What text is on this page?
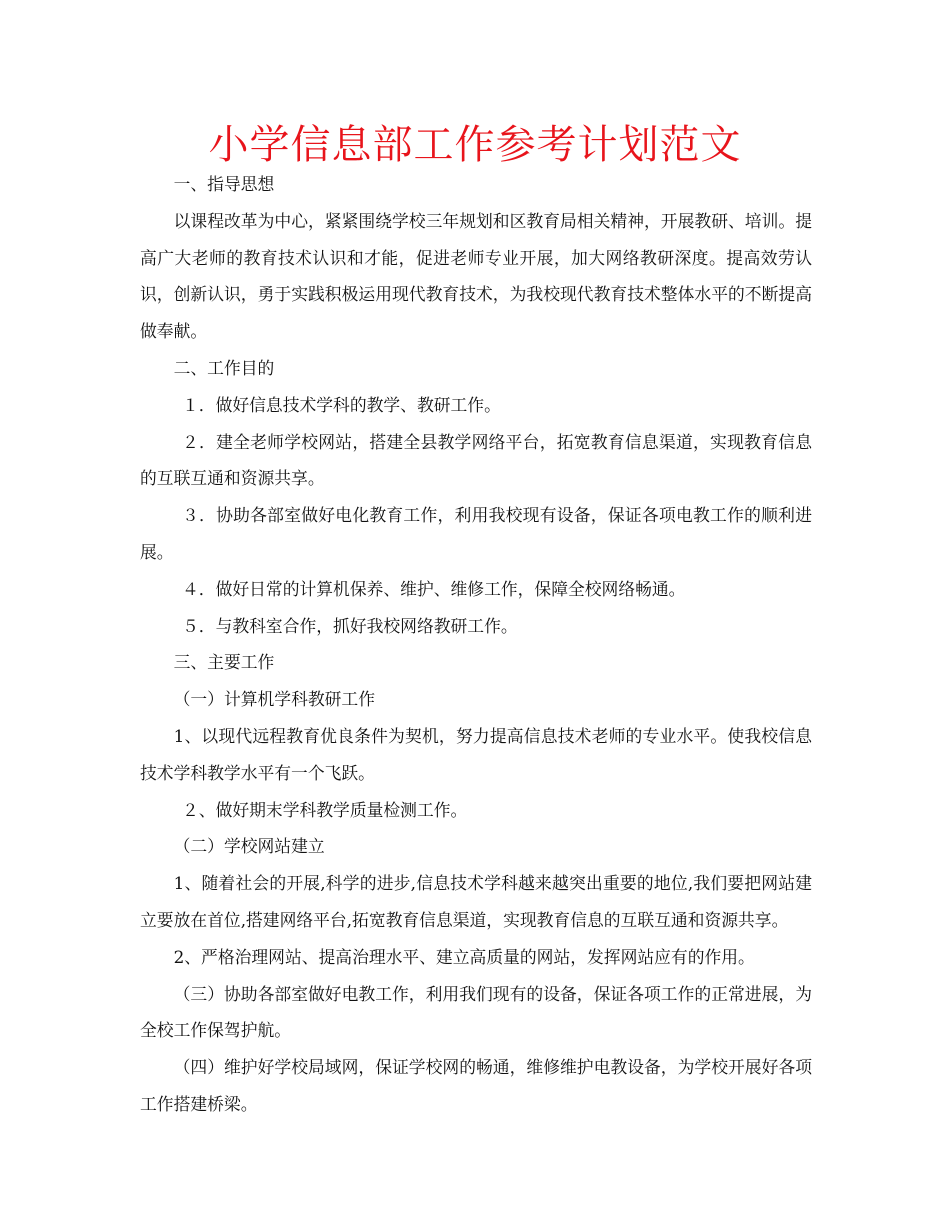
小学信息部工作参考计划范文

一、指导思想

以课程改革为中心，紧紧围绕学校三年规划和区教育局相关精神，开展教研、培训。提高广大老师的教育技术认识和才能，促进老师专业开展，加大网络教研深度。提高效劳认识，创新认识，勇于实践积极运用现代教育技术，为我校现代教育技术整体水平的不断提高做奉献。

二、工作目的

１．做好信息技术学科的教学、教研工作。

２．建全老师学校网站，搭建全县教学网络平台，拓宽教育信息渠道，实现教育信息的互联互通和资源共享。

３．协助各部室做好电化教育工作，利用我校现有设备，保证各项电教工作的顺利进展。

４．做好日常的计算机保养、维护、维修工作，保障全校网络畅通。

５．与教科室合作，抓好我校网络教研工作。

三、主要工作

（一）计算机学科教研工作

1、以现代远程教育优良条件为契机，努力提高信息技术老师的专业水平。使我校信息技术学科教学水平有一个飞跃。

２、做好期末学科教学质量检测工作。

（二）学校网站建立

1、随着社会的开展,科学的进步,信息技术学科越来越突出重要的地位,我们要把网站建立要放在首位,搭建网络平台,拓宽教育信息渠道，实现教育信息的互联互通和资源共享。

2、严格治理网站、提高治理水平、建立高质量的网站，发挥网站应有的作用。

（三）协助各部室做好电教工作，利用我们现有的设备，保证各项工作的正常进展，为全校工作保驾护航。

（四）维护好学校局域网，保证学校网的畅通，维修维护电教设备，为学校开展好各项工作搭建桥梁。
